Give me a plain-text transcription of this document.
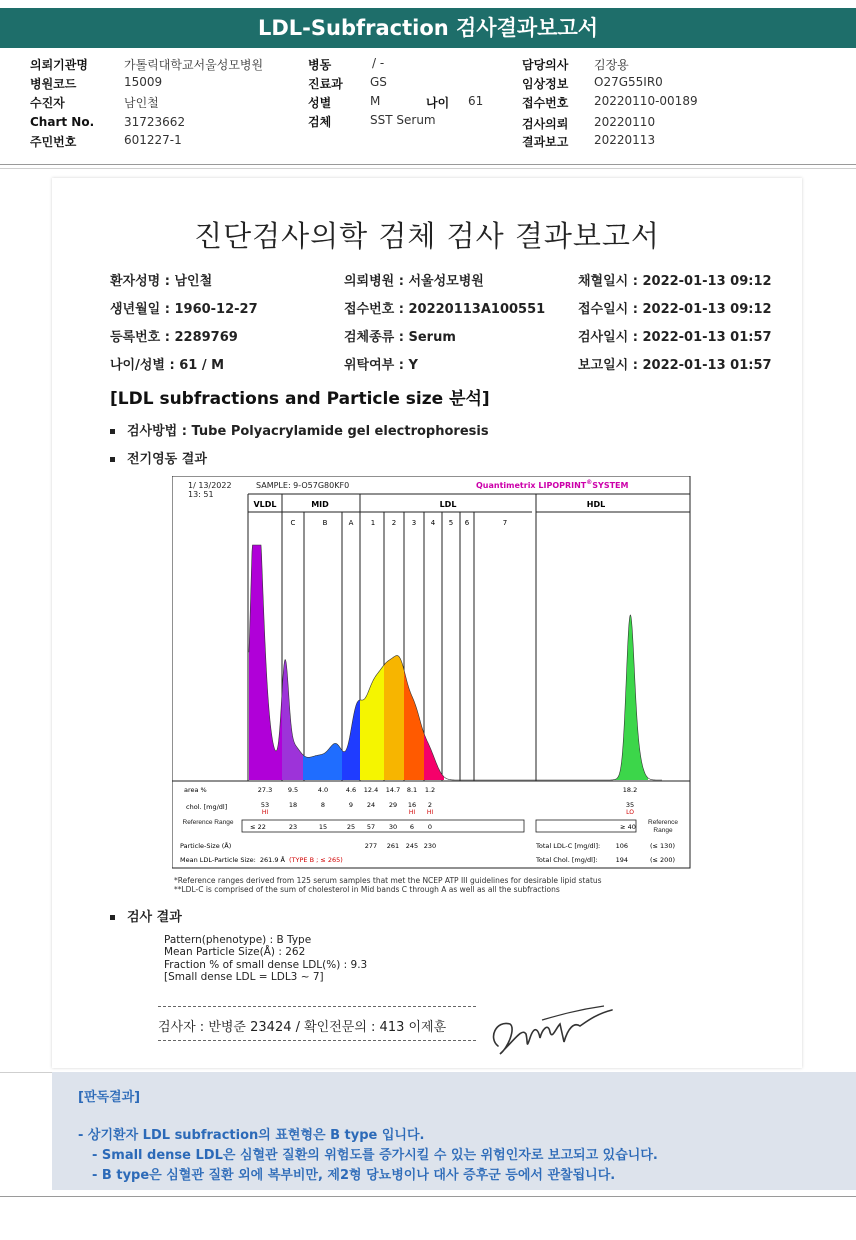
LDL-Subfraction 검사결과보고서
의뢰기관명	가톨릭대학교서울성모병원
병원코드	15009
수진자	남인철
Chart No. 31723662
주민번호	601227-1
병동	/ -
진료과 GS
성별	M	나이 61
검체	SST Serum
담당의사 김장용
임상정보 O27G55IR0
접수번호 20220110-00189
검사의뢰 20220110
결과보고 20220113
진단검사의학 검체 검사 결과보고서
환자성명 : 남인철	의뢰병원 : 서울성모병원	채혈일시 : 2022-01-13 09:12
생년월일 : 1960-12-27	접수번호 : 20220113A100551	접수일시 : 2022-01-13 09:12
등록번호 : 2289769	검체종류 : Serum	검사일시 : 2022-01-13 01:57
나이/성별 : 61 / M	위탁여부 : Y	보고일시 : 2022-01-13 01:57
[LDL subfractions and Particle size 분석]
검사방법 : Tube Polyacrylamide gel electrophoresis
전기영동 결과
1/ 13/2022
13: 51
SAMPLE: 9-O57G80KF0	Quantimetrix LIPOPRINT®SYSTEM
VLDL	MID	LDL	HDL
C	B	A 1 2 3 4 5 6	7
area %	27.3 9.5	4.0	4.6 12.4 14.7 8.1 1.2	18.2
chol. [mg/dl]	53	18	8	9 24 29 16 2	35
HI	HI HI	LO
Reference Range
≤ 22	23	15	25 57 30 6 0	≥ 40
Reference Range
Particle-Size (Å)	277 261 245 230
Mean LDL-Particle Size: 261.9 Å (TYPE B ; ≤ 265)
Total LDL-C [mg/dl]: 106	(≤ 130)
Total Chol. [mg/dl]:	194	(≤ 200)
*Reference ranges derived from 125 serum samples that met the NCEP ATP III guidelines for desirable lipid status
**LDL-C is comprised of the sum of cholesterol in Mid bands C through A as well as all the subfractions
검사 결과
Pattern(phenotype) : B Type
Mean Particle Size(Å) : 262
Fraction % of small dense LDL(%) : 9.3
[Small dense LDL = LDL3 ~ 7]
검사자 : 반병준 23424 / 확인전문의 : 413 이제훈
[판독결과]
- 상기환자 LDL subfraction의 표현형은 B type 입니다.
- Small dense LDL은 심혈관 질환의 위험도를 증가시킬 수 있는 위험인자로 보고되고 있습니다.
- B type은 심혈관 질환 외에 복부비만, 제2형 당뇨병이나 대사 증후군 등에서 관찰됩니다.
